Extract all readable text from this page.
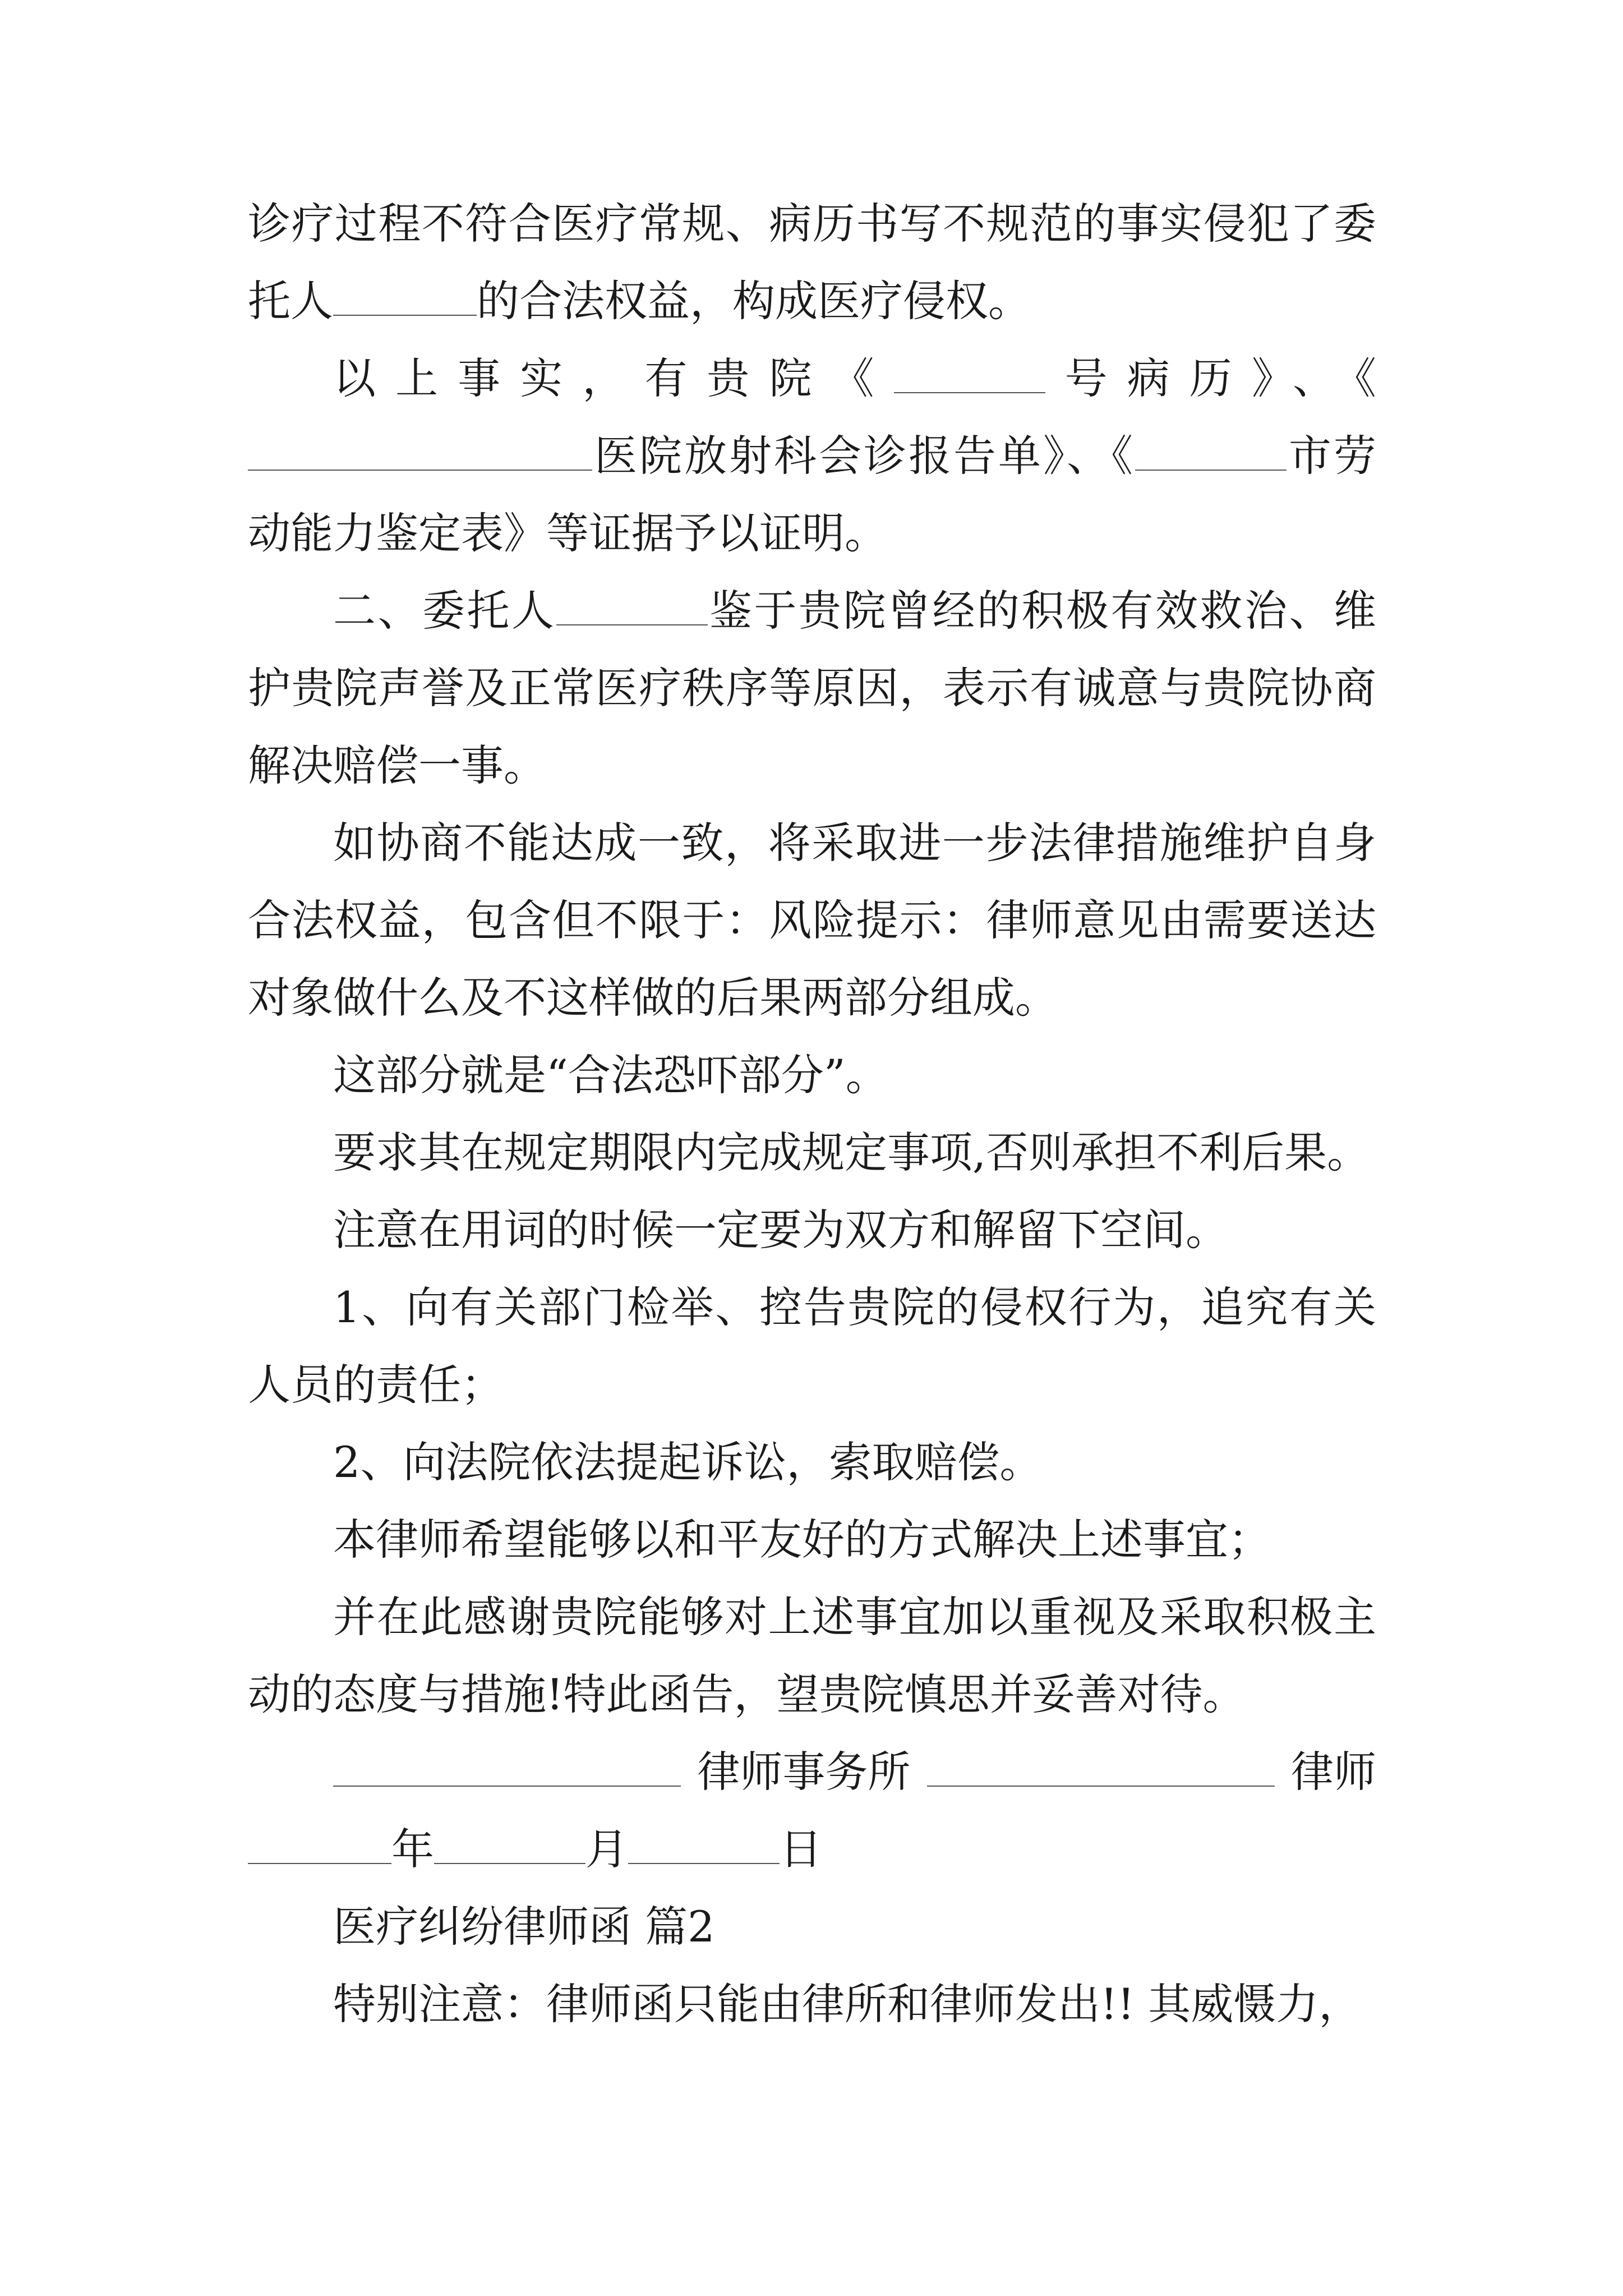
诊疗过程不符合医疗常规、病历书写不规范的事实侵犯了委托人	的合法权益，构成医疗侵权。

以上事实，有贵院《	号病历》、《医院放射科会诊报告单》、《	市劳动能力鉴定表》等证据予以证明。

二、委托人	鉴于贵院曾经的积极有效救治、维护贵院声誉及正常医疗秩序等原因，表示有诚意与贵院协商解决赔偿一事。

如协商不能达成一致，将采取进一步法律措施维护自身合法权益，包含但不限于：风险提示：律师意见由需要送达对象做什么及不这样做的后果两部分组成。

这部分就是“合法恐吓部分”。

要求其在规定期限内完成规定事项,否则承担不利后果。

注意在用词的时候一定要为双方和解留下空间。

1、向有关部门检举、控告贵院的侵权行为，追究有关人员的责任；

2、向法院依法提起诉讼，索取赔偿。

本律师希望能够以和平友好的方式解决上述事宜；

并在此感谢贵院能够对上述事宜加以重视及采取积极主动的态度与措施!特此函告，望贵院慎思并妥善对待。

律师事务所	律师

年	月	日

医疗纠纷律师函 篇2

特别注意：律师函只能由律所和律师发出!! 其威慑力，
